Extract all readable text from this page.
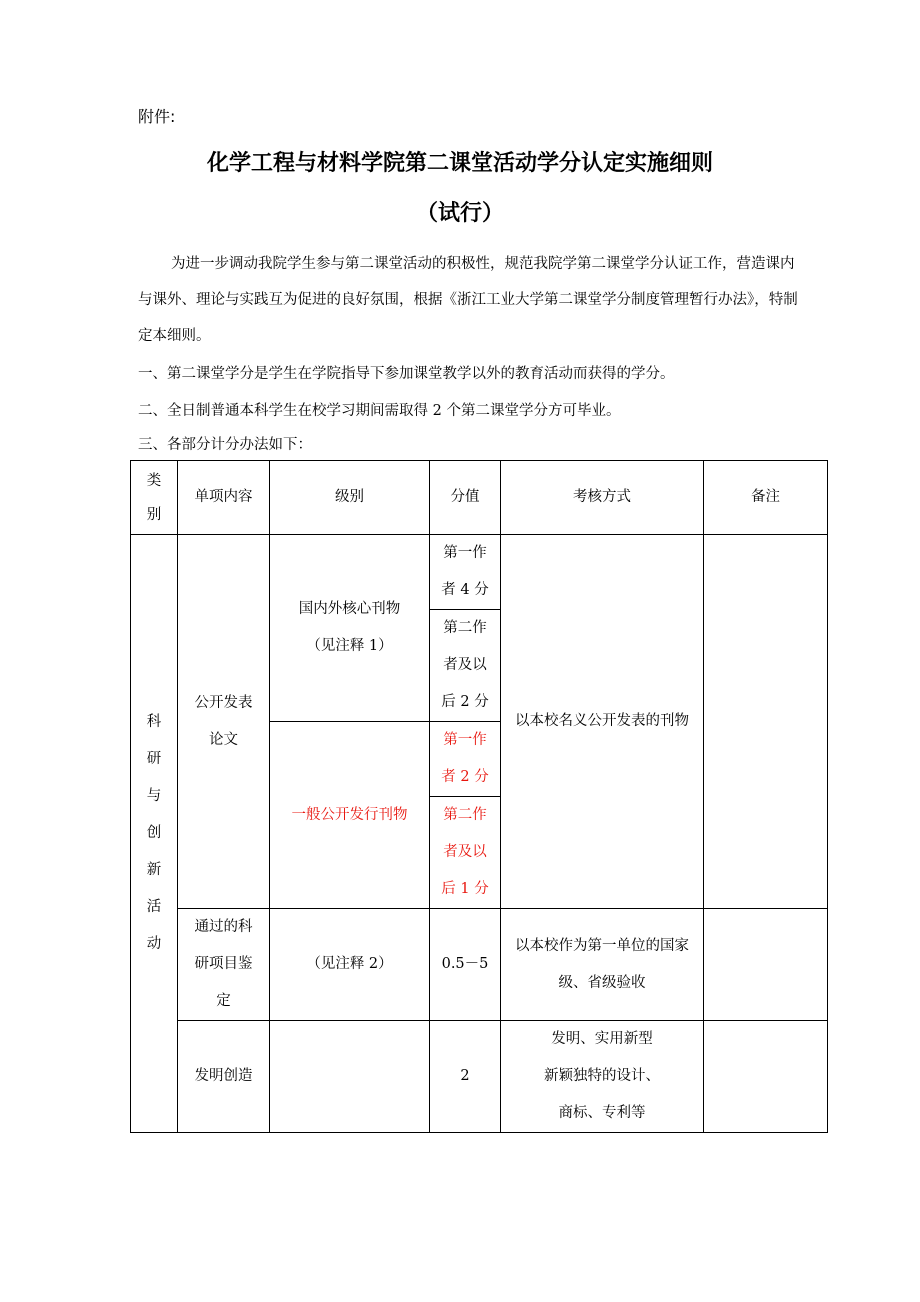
附件:
化学工程与材料学院第二课堂活动学分认定实施细则
（试行）
为进一步调动我院学生参与第二课堂活动的积极性，规范我院学第二课堂学分认证工作，营造课内与课外、理论与实践互为促进的良好氛围，根据《浙江工业大学第二课堂学分制度管理暂行办法》，特制定本细则。
一、第二课堂学分是学生在学院指导下参加课堂教学以外的教育活动而获得的学分。
二、全日制普通本科学生在校学习期间需取得 2 个第二课堂学分方可毕业。
三、各部分计分办法如下：
类别	单项内容	级别	分值	考核方式	备注
科研与创新活动	公开发表论文	国内外核心刊物（见注释 1）	第一作者 4 分	以本校名义公开发表的刊物	
			第二作者及以后 2 分		
		一般公开发行刊物	第一作者 2 分		
			第二作者及以后 1 分		
	通过的科研项目鉴定	（见注释 2）	0.5－5	以本校作为第一单位的国家级、省级验收	
	发明创造		2	发明、实用新型
新颖独特的设计、
商标、专利等	
